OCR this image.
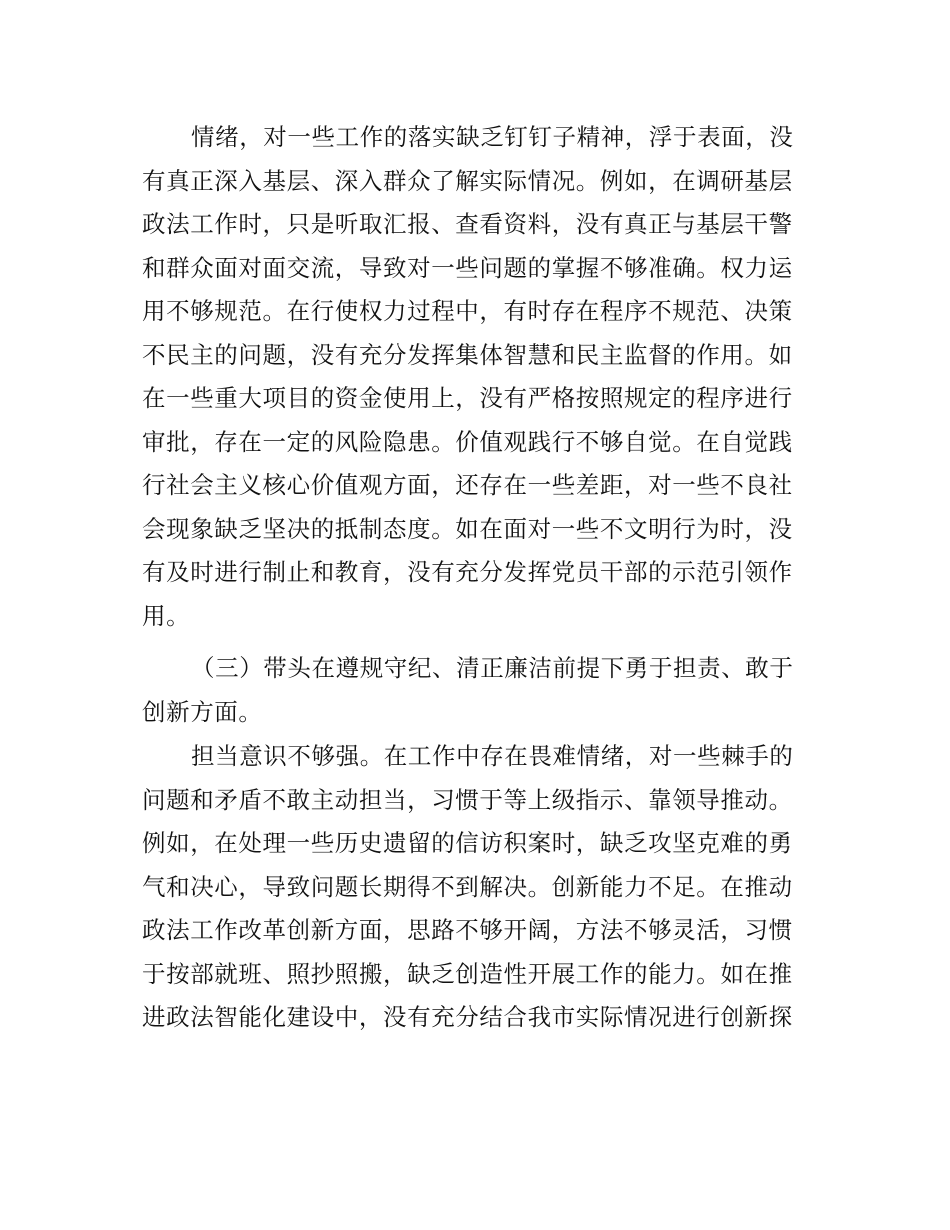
情绪，对一些工作的落实缺乏钉钉子精神，浮于表面，没
有真正深入基层、深入群众了解实际情况。例如，在调研基层
政法工作时，只是听取汇报、查看资料，没有真正与基层干警
和群众面对面交流，导致对一些问题的掌握不够准确。权力运
用不够规范。在行使权力过程中，有时存在程序不规范、决策
不民主的问题，没有充分发挥集体智慧和民主监督的作用。如
在一些重大项目的资金使用上，没有严格按照规定的程序进行
审批，存在一定的风险隐患。价值观践行不够自觉。在自觉践
行社会主义核心价值观方面，还存在一些差距，对一些不良社
会现象缺乏坚决的抵制态度。如在面对一些不文明行为时，没
有及时进行制止和教育，没有充分发挥党员干部的示范引领作
用。
（三）带头在遵规守纪、清正廉洁前提下勇于担责、敢于
创新方面。
担当意识不够强。在工作中存在畏难情绪，对一些棘手的
问题和矛盾不敢主动担当，习惯于等上级指示、靠领导推动。
例如，在处理一些历史遗留的信访积案时，缺乏攻坚克难的勇
气和决心，导致问题长期得不到解决。创新能力不足。在推动
政法工作改革创新方面，思路不够开阔，方法不够灵活，习惯
于按部就班、照抄照搬，缺乏创造性开展工作的能力。如在推
进政法智能化建设中，没有充分结合我市实际情况进行创新探
